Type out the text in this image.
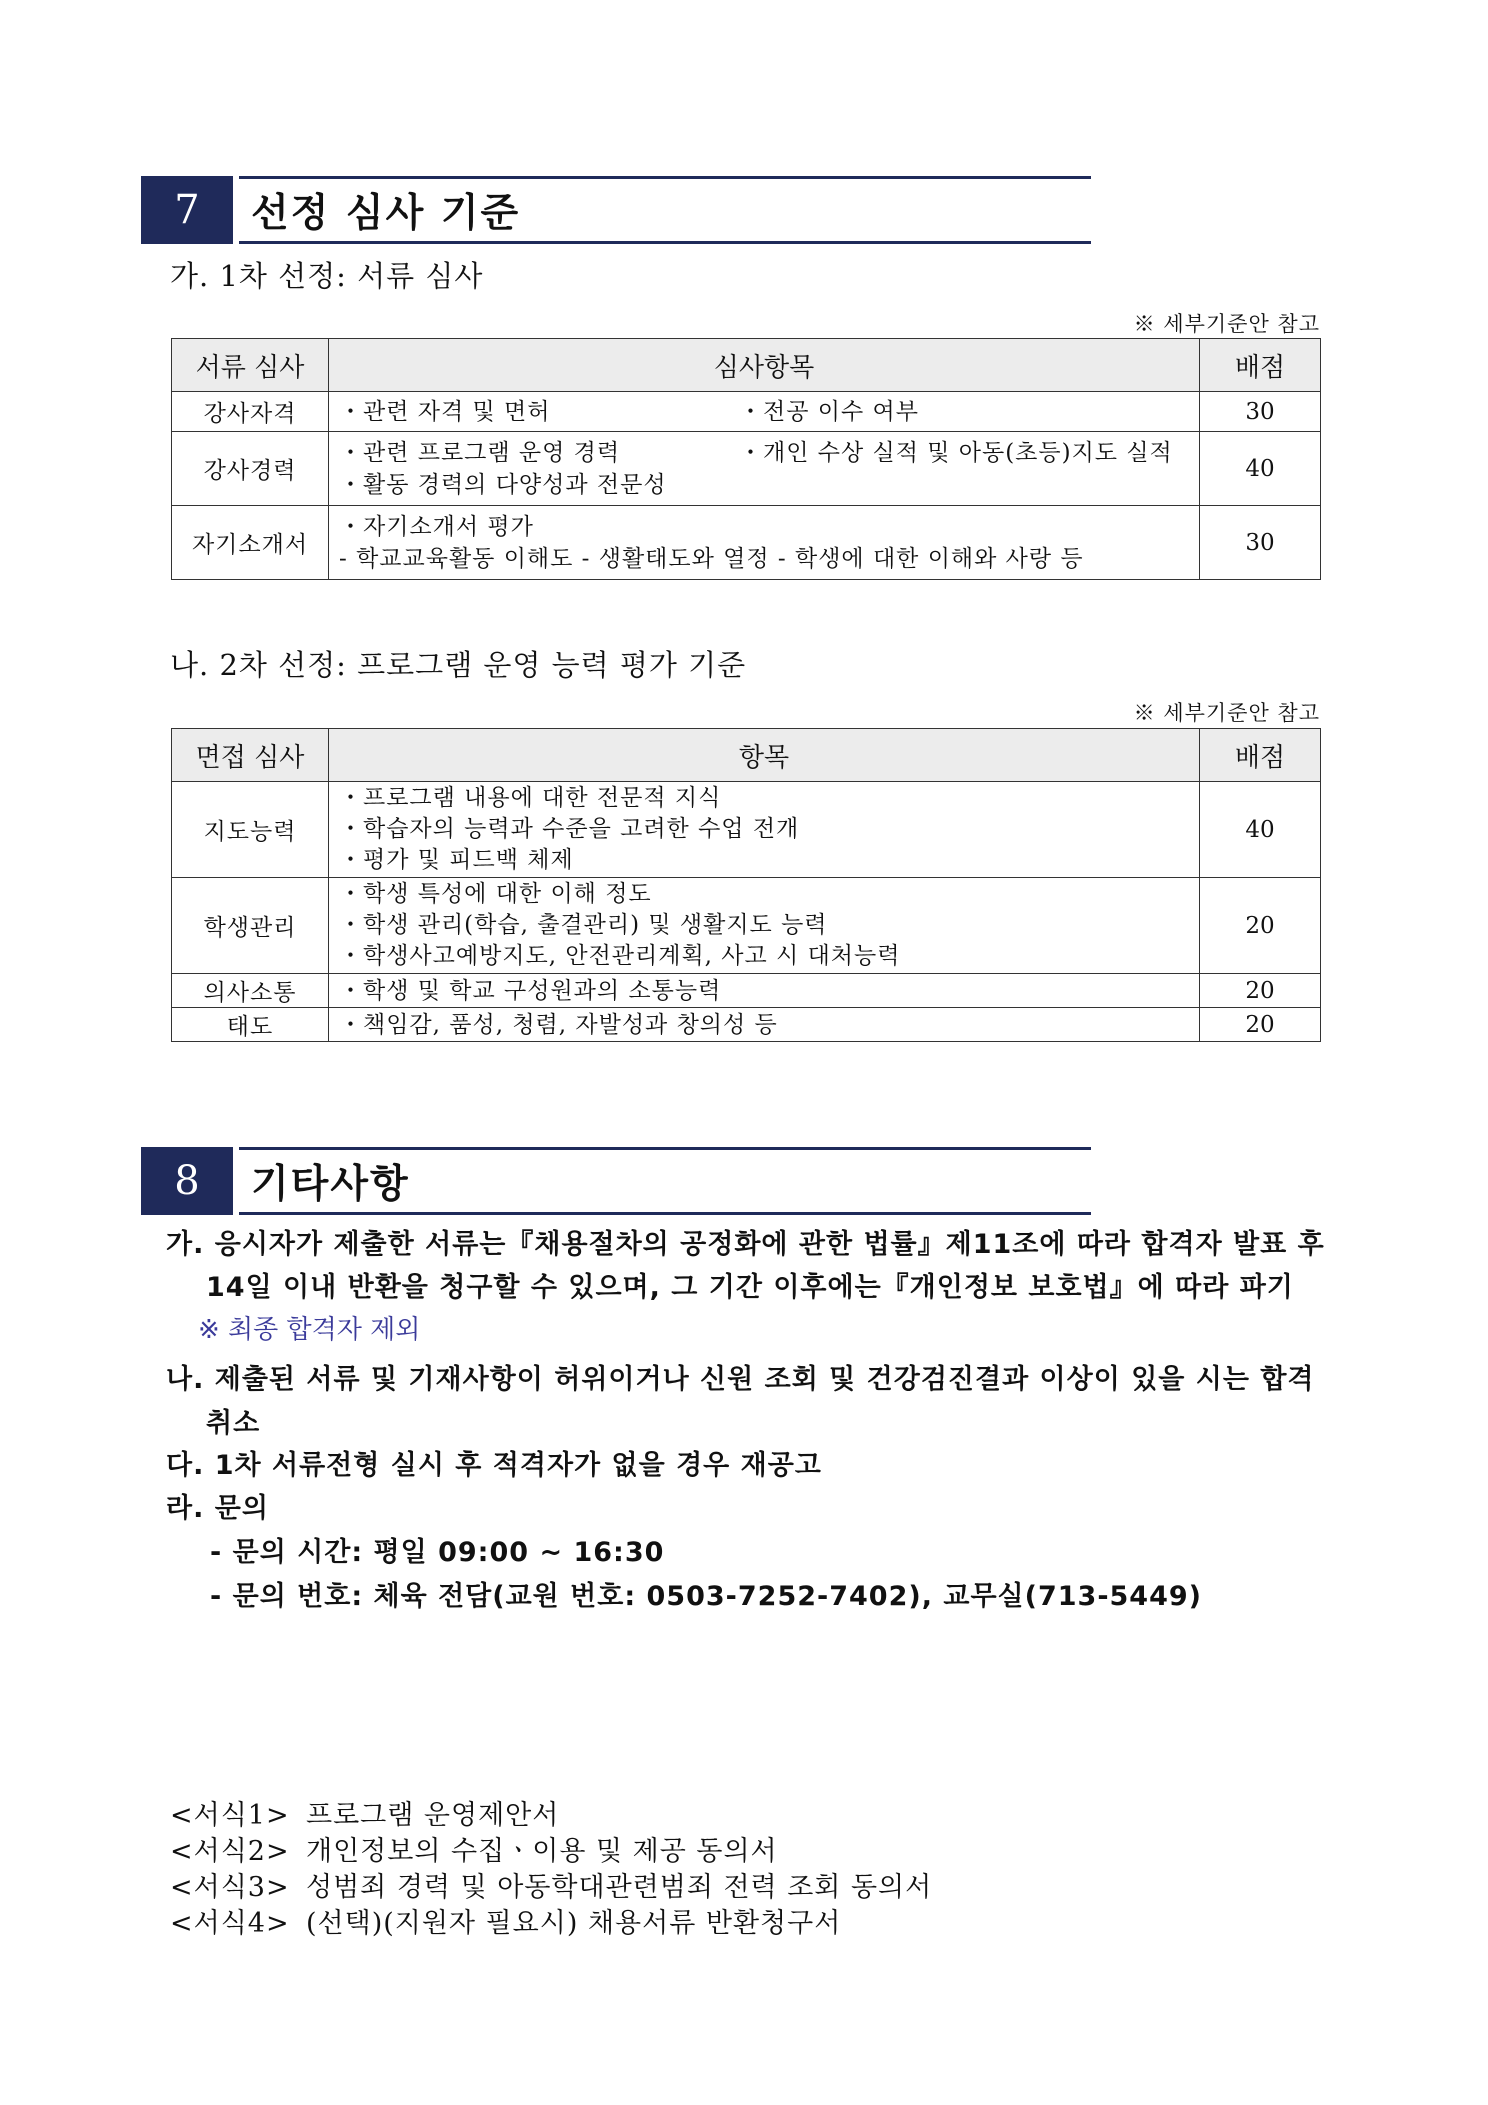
7	선정 심사 기준
가. 1차 선정: 서류 심사
※ 세부기준안 참고
서류 심사	심사항목	배점
강사자격	・관련 자격 및 면허 ・전공 이수 여부	30
강사경력	・관련 프로그램 운영 경력 ・개인 수상 실적 및 아동(초등)지도 실적
・활동 경력의 다양성과 전문성	40
자기소개서	・자기소개서 평가
- 학교교육활동 이해도 - 생활태도와 열정 - 학생에 대한 이해와 사랑 등	30
나. 2차 선정: 프로그램 운영 능력 평가 기준
※ 세부기준안 참고
면접 심사	항목	배점
지도능력	・프로그램 내용에 대한 전문적 지식
・학습자의 능력과 수준을 고려한 수업 전개
・평가 및 피드백 체제	40
학생관리	・학생 특성에 대한 이해 정도
・학생 관리(학습, 출결관리) 및 생활지도 능력
・학생사고예방지도, 안전관리계획, 사고 시 대처능력	20
의사소통	・학생 및 학교 구성원과의 소통능력	20
태도	・책임감, 품성, 청렴, 자발성과 창의성 등	20
8	기타사항
가. 응시자가 제출한 서류는『채용절차의 공정화에 관한 법률』제11조에 따라 합격자 발표 후
14일 이내 반환을 청구할 수 있으며, 그 기간 이후에는『개인정보 보호법』에 따라 파기
※ 최종 합격자 제외
나. 제출된 서류 및 기재사항이 허위이거나 신원 조회 및 건강검진결과 이상이 있을 시는 합격
취소
다. 1차 서류전형 실시 후 적격자가 없을 경우 재공고
라. 문의
- 문의 시간: 평일 09:00 ~ 16:30
- 문의 번호: 체육 전담(교원 번호: 0503-7252-7402), 교무실(713-5449)
<서식1> 프로그램 운영제안서
<서식2> 개인정보의 수집ㆍ이용 및 제공 동의서
<서식3> 성범죄 경력 및 아동학대관련범죄 전력 조회 동의서
<서식4> (선택)(지원자 필요시) 채용서류 반환청구서
